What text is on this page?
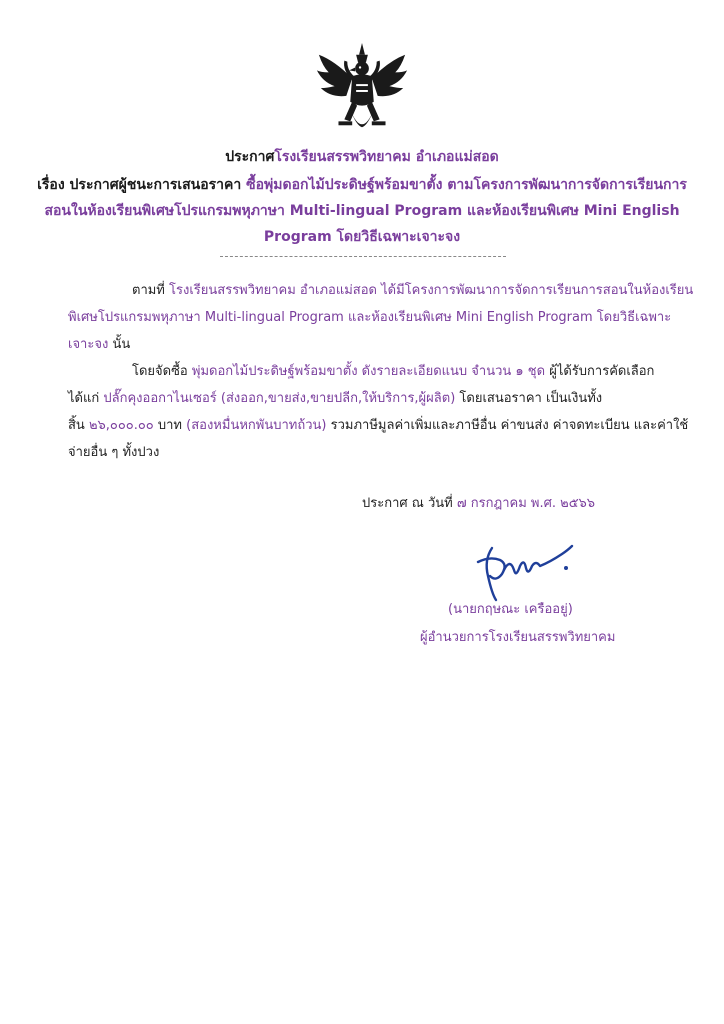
ประกาศโรงเรียนสรรพวิทยาคม อำเภอแม่สอด
เรื่อง ประกาศผู้ชนะการเสนอราคา ซื้อพุ่มดอกไม้ประดิษฐ์พร้อมขาตั้ง ตามโครงการพัฒนาการจัดการเรียนการ
สอนในห้องเรียนพิเศษโปรแกรมพหุภาษา Multi-lingual Program และห้องเรียนพิเศษ Mini English
Program โดยวิธีเฉพาะเจาะจง
ตามที่ โรงเรียนสรรพวิทยาคม อำเภอแม่สอด ได้มีโครงการพัฒนาการจัดการเรียนการสอนในห้องเรียน
พิเศษโปรแกรมพหุภาษา Multi-lingual Program และห้องเรียนพิเศษ Mini English Program โดยวิธีเฉพาะ
เจาะจง นั้น
โดยจัดซื้อ พุ่มดอกไม้ประดิษฐ์พร้อมขาตั้ง ดังรายละเอียดแนบ จำนวน ๑ ชุด ผู้ได้รับการคัดเลือก
ได้แก่ ปลั๊กคุงออกาไนเซอร์ (ส่งออก,ขายส่ง,ขายปลีก,ให้บริการ,ผู้ผลิต) โดยเสนอราคา เป็นเงินทั้ง
สิ้น ๒๖,๐๐๐.๐๐ บาท (สองหมื่นหกพันบาทถ้วน) รวมภาษีมูลค่าเพิ่มและภาษีอื่น ค่าขนส่ง ค่าจดทะเบียน และค่าใช้
จ่ายอื่น ๆ ทั้งปวง
ประกาศ ณ วันที่ ๗ กรกฎาคม พ.ศ. ๒๕๖๖
(นายกฤษณะ เครืออยู่)
ผู้อำนวยการโรงเรียนสรรพวิทยาคม
